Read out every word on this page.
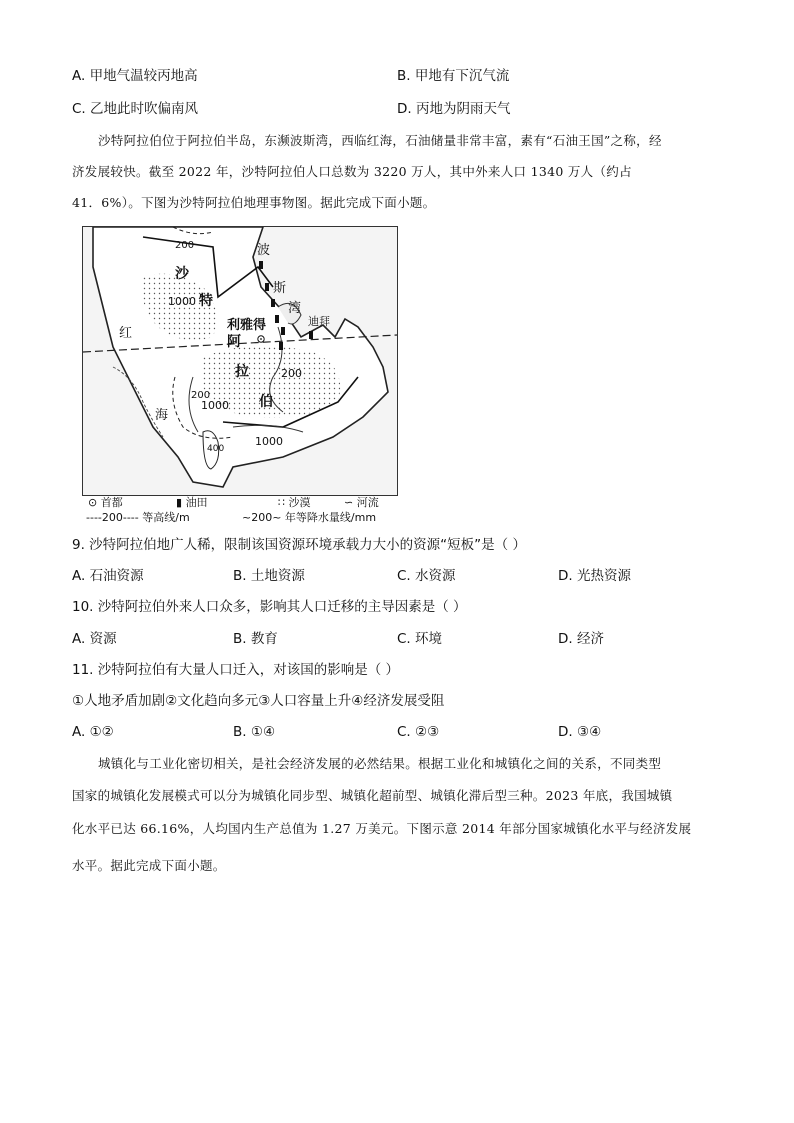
A. 甲地气温较丙地高	B. 甲地有下沉气流
C. 乙地此时吹偏南风	D. 丙地为阴雨天气
沙特阿拉伯位于阿拉伯半岛，东濒波斯湾，西临红海，石油储量非常丰富，素有“石油王国”之称，经
济发展较快。截至 2022 年，沙特阿拉伯人口总数为 3220 万人，其中外来人口 1340 万人（约占
41．6%）。下图为沙特阿拉伯地理事物图。据此完成下面小题。
200
沙
1000 特
波
斯
湾
利雅得	迪拜
阿
红
拉	200
200
1000 伯
海
1000
400
⊙ 首都	▮ 油田	∷ 沙漠	∽ 河流
----200---- 等高线/m	~200~ 年等降水量线/mm
9. 沙特阿拉伯地广人稀，限制该国资源环境承载力大小的资源“短板”是（ ）
A. 石油资源	B. 土地资源	C. 水资源	D. 光热资源
10. 沙特阿拉伯外来人口众多，影响其人口迁移的主导因素是（ ）
A. 资源	B. 教育	C. 环境	D. 经济
11. 沙特阿拉伯有大量人口迁入，对该国的影响是（ ）
①人地矛盾加剧②文化趋向多元③人口容量上升④经济发展受阻
A. ①②	B. ①④	C. ②③	D. ③④
城镇化与工业化密切相关，是社会经济发展的必然结果。根据工业化和城镇化之间的关系，不同类型
国家的城镇化发展模式可以分为城镇化同步型、城镇化超前型、城镇化滞后型三种。2023 年底，我国城镇
化水平已达 66.16%，人均国内生产总值为 1.27 万美元。下图示意 2014 年部分国家城镇化水平与经济发展
水平。据此完成下面小题。
